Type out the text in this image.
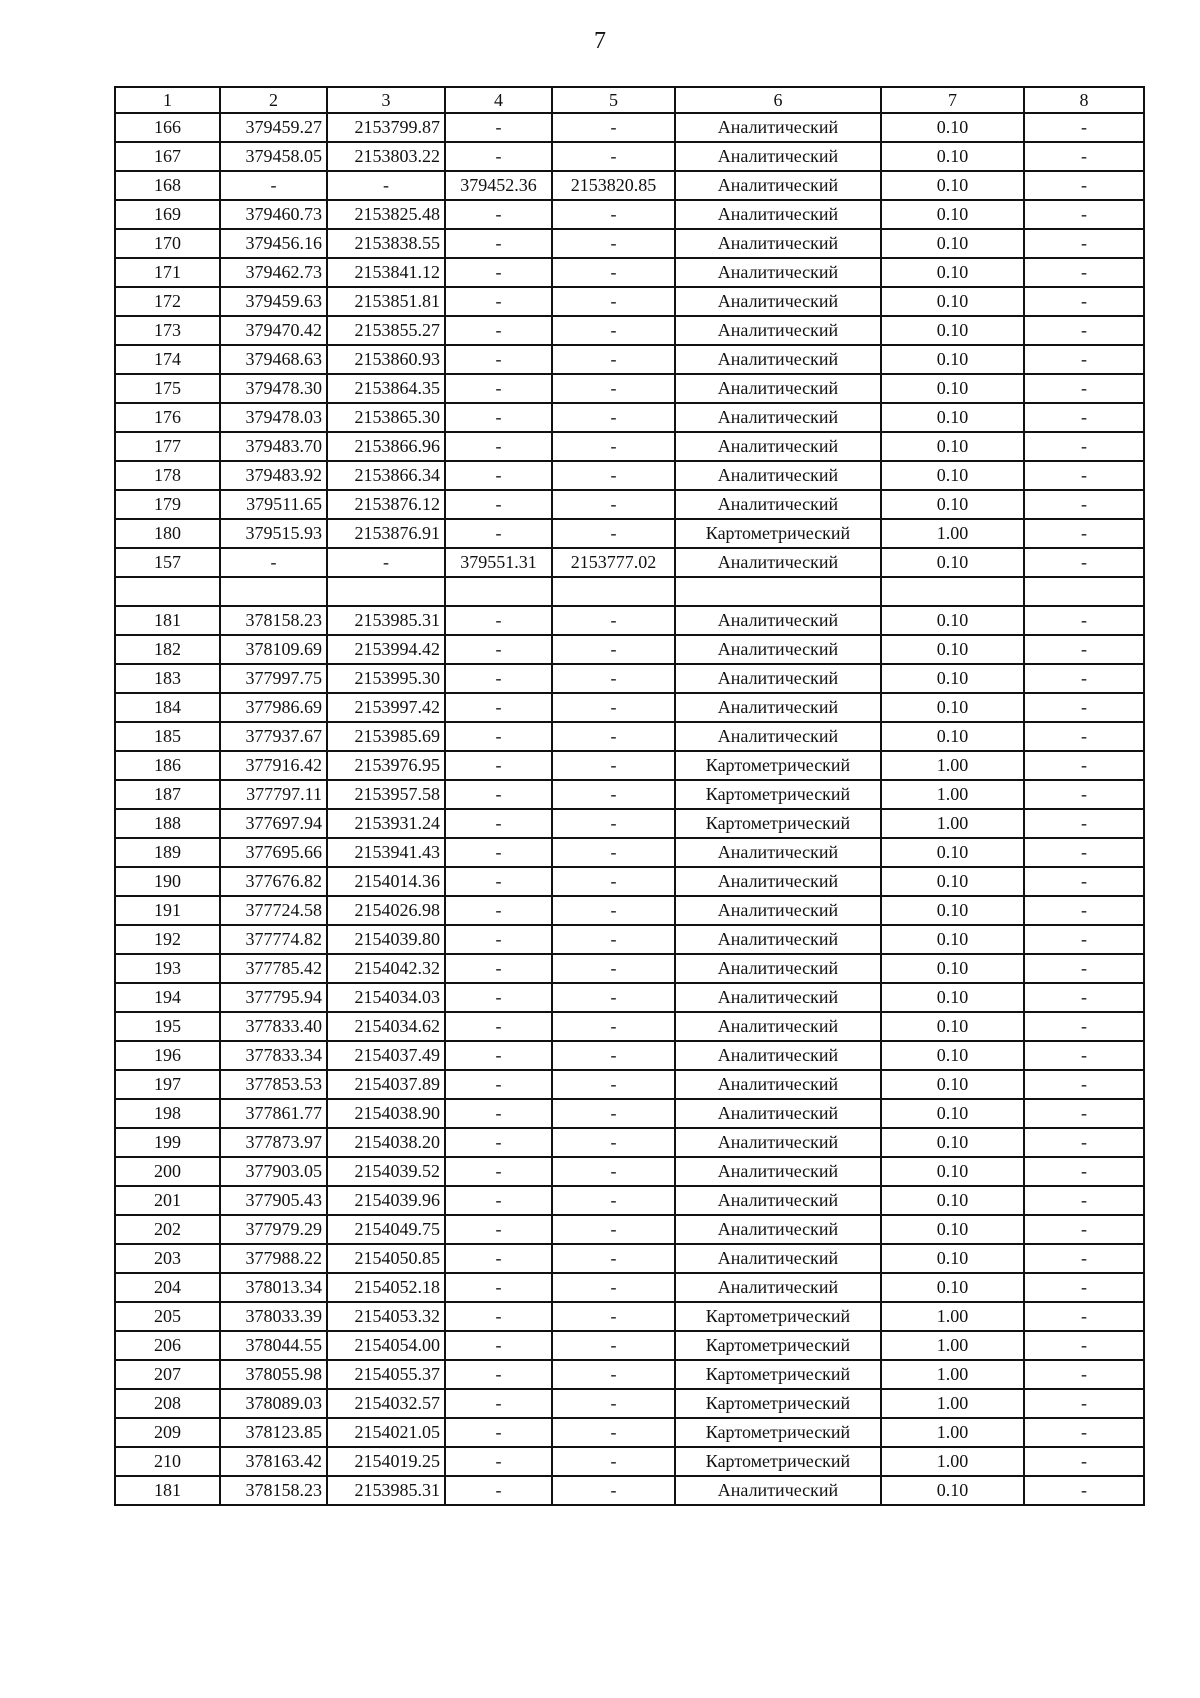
7
1	2	3	4	5	6	7	8
166	379459.27	2153799.87	-	-	Аналитический	0.10	-
167	379458.05	2153803.22	-	-	Аналитический	0.10	-
168	-	-	379452.36	2153820.85	Аналитический	0.10	-
169	379460.73	2153825.48	-	-	Аналитический	0.10	-
170	379456.16	2153838.55	-	-	Аналитический	0.10	-
171	379462.73	2153841.12	-	-	Аналитический	0.10	-
172	379459.63	2153851.81	-	-	Аналитический	0.10	-
173	379470.42	2153855.27	-	-	Аналитический	0.10	-
174	379468.63	2153860.93	-	-	Аналитический	0.10	-
175	379478.30	2153864.35	-	-	Аналитический	0.10	-
176	379478.03	2153865.30	-	-	Аналитический	0.10	-
177	379483.70	2153866.96	-	-	Аналитический	0.10	-
178	379483.92	2153866.34	-	-	Аналитический	0.10	-
179	379511.65	2153876.12	-	-	Аналитический	0.10	-
180	379515.93	2153876.91	-	-	Картометрический	1.00	-
157	-	-	379551.31	2153777.02	Аналитический	0.10	-

181	378158.23	2153985.31	-	-	Аналитический	0.10	-
182	378109.69	2153994.42	-	-	Аналитический	0.10	-
183	377997.75	2153995.30	-	-	Аналитический	0.10	-
184	377986.69	2153997.42	-	-	Аналитический	0.10	-
185	377937.67	2153985.69	-	-	Аналитический	0.10	-
186	377916.42	2153976.95	-	-	Картометрический	1.00	-
187	377797.11	2153957.58	-	-	Картометрический	1.00	-
188	377697.94	2153931.24	-	-	Картометрический	1.00	-
189	377695.66	2153941.43	-	-	Аналитический	0.10	-
190	377676.82	2154014.36	-	-	Аналитический	0.10	-
191	377724.58	2154026.98	-	-	Аналитический	0.10	-
192	377774.82	2154039.80	-	-	Аналитический	0.10	-
193	377785.42	2154042.32	-	-	Аналитический	0.10	-
194	377795.94	2154034.03	-	-	Аналитический	0.10	-
195	377833.40	2154034.62	-	-	Аналитический	0.10	-
196	377833.34	2154037.49	-	-	Аналитический	0.10	-
197	377853.53	2154037.89	-	-	Аналитический	0.10	-
198	377861.77	2154038.90	-	-	Аналитический	0.10	-
199	377873.97	2154038.20	-	-	Аналитический	0.10	-
200	377903.05	2154039.52	-	-	Аналитический	0.10	-
201	377905.43	2154039.96	-	-	Аналитический	0.10	-
202	377979.29	2154049.75	-	-	Аналитический	0.10	-
203	377988.22	2154050.85	-	-	Аналитический	0.10	-
204	378013.34	2154052.18	-	-	Аналитический	0.10	-
205	378033.39	2154053.32	-	-	Картометрический	1.00	-
206	378044.55	2154054.00	-	-	Картометрический	1.00	-
207	378055.98	2154055.37	-	-	Картометрический	1.00	-
208	378089.03	2154032.57	-	-	Картометрический	1.00	-
209	378123.85	2154021.05	-	-	Картометрический	1.00	-
210	378163.42	2154019.25	-	-	Картометрический	1.00	-
181	378158.23	2153985.31	-	-	Аналитический	0.10	-
